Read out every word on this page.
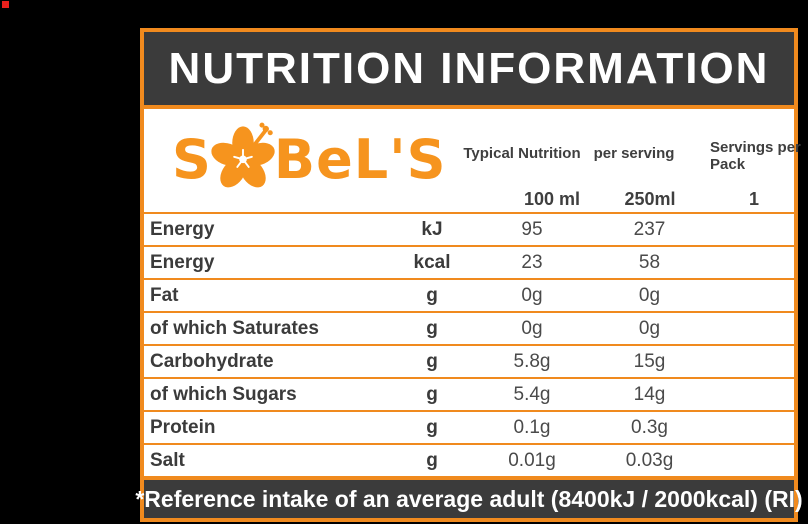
NUTRITION INFORMATION
S BeL'S Typical Nutrition per serving Servings per Pack
100 ml 250ml	1
Energy	kJ	95	237
Energy	kcal	23	58
Fat	g	0g	0g
of which Saturates	g	0g	0g
Carbohydrate	g	5.8g	15g
of which Sugars	g	5.4g	14g
Protein	g	0.1g	0.3g
Salt	g	0.01g	0.03g
*Reference intake of an average adult (8400kJ / 2000kcal) (RI)
